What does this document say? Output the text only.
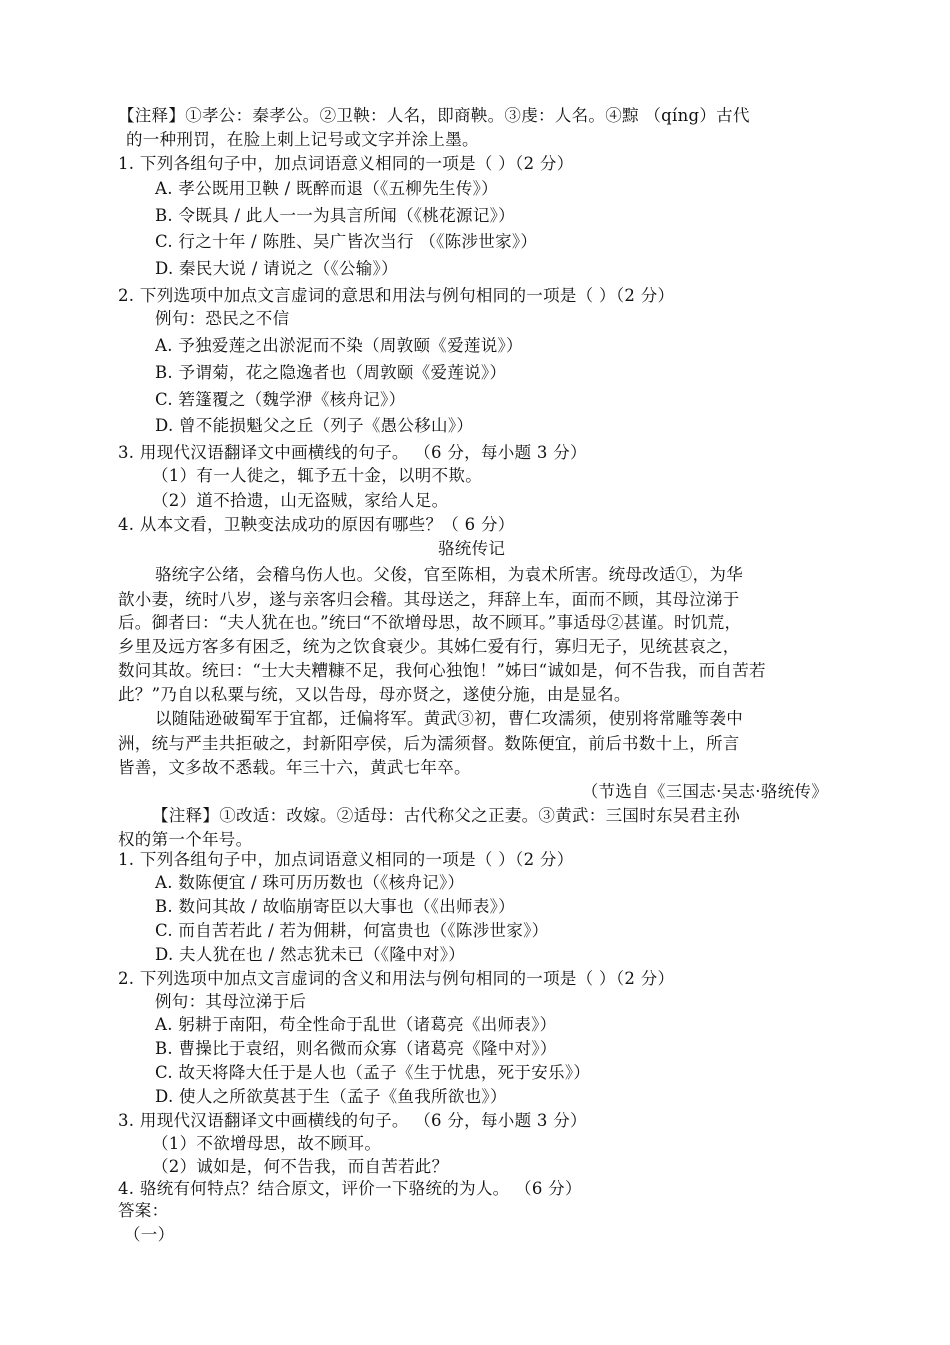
【注释】①孝公：秦孝公。②卫鞅：人名，即商鞅。③虔：人名。④黥 （qíng）古代
的一种刑罚，在脸上刺上记号或文字并涂上墨。
1. 下列各组句子中，加点词语意义相同的一项是（ ）（2 分）
A. 孝公既用卫鞅 / 既醉而退（《五柳先生传》）
B. 令既具 / 此人一一为具言所闻（《桃花源记》）
C. 行之十年 / 陈胜、吴广皆次当行 （《陈涉世家》）
D. 秦民大说 / 请说之（《公输》）
2. 下列选项中加点文言虚词的意思和用法与例句相同的一项是（ ）（2 分）
例句：恐民之不信
A. 予独爱莲之出淤泥而不染（周敦颐《爱莲说》）
B. 予谓菊，花之隐逸者也（周敦颐《爱莲说》）
C. 箬篷覆之（魏学洢《核舟记》）
D. 曾不能损魁父之丘（列子《愚公移山》）
3. 用现代汉语翻译文中画横线的句子。 （6 分，每小题 3 分）
（1）有一人徙之，辄予五十金，以明不欺。
（2）道不拾遗，山无盗贼，家给人足。
4. 从本文看，卫鞅变法成功的原因有哪些？（ 6 分）
骆统传记
骆统字公绪，会稽乌伤人也。父俊，官至陈相，为袁术所害。统母改适①，为华
歆小妻，统时八岁，遂与亲客归会稽。其母送之，拜辞上车，面而不顾，其母泣涕于
后。御者曰：“夫人犹在也。”统曰“不欲增母思，故不顾耳。”事适母②甚谨。时饥荒，
乡里及远方客多有困乏，统为之饮食衰少。其姊仁爱有行，寡归无子，见统甚哀之，
数问其故。统曰：“士大夫糟糠不足，我何心独饱！”姊曰“诚如是，何不告我，而自苦若
此？”乃自以私粟与统，又以告母，母亦贤之，遂使分施，由是显名。
以随陆逊破蜀军于宜都，迁偏将军。黄武③初，曹仁攻濡须，使别将常雕等袭中
洲，统与严圭共拒破之，封新阳亭侯，后为濡须督。数陈便宜，前后书数十上，所言
皆善，文多故不悉载。年三十六，黄武七年卒。
（节选自《三国志·吴志·骆统传》
【注释】①改适：改嫁。②适母：古代称父之正妻。③黄武：三国时东吴君主孙
权的第一个年号。
1. 下列各组句子中，加点词语意义相同的一项是（ ）（2 分）
A. 数陈便宜 / 珠可历历数也（《核舟记》）
B. 数问其故 / 故临崩寄臣以大事也（《出师表》）
C. 而自苦若此 / 若为佣耕，何富贵也（《陈涉世家》）
D. 夫人犹在也 / 然志犹未已（《隆中对》）
2. 下列选项中加点文言虚词的含义和用法与例句相同的一项是（ ）（2 分）
例句：其母泣涕于后
A. 躬耕于南阳，苟全性命于乱世（诸葛亮《出师表》）
B. 曹操比于袁绍，则名微而众寡（诸葛亮《隆中对》）
C. 故天将降大任于是人也（孟子《生于忧患，死于安乐》）
D. 使人之所欲莫甚于生（孟子《鱼我所欲也》）
3. 用现代汉语翻译文中画横线的句子。 （6 分，每小题 3 分）
（1）不欲增母思，故不顾耳。
（2）诚如是，何不告我，而自苦若此？
4. 骆统有何特点？结合原文，评价一下骆统的为人。 （6 分）
答案：
（一）
